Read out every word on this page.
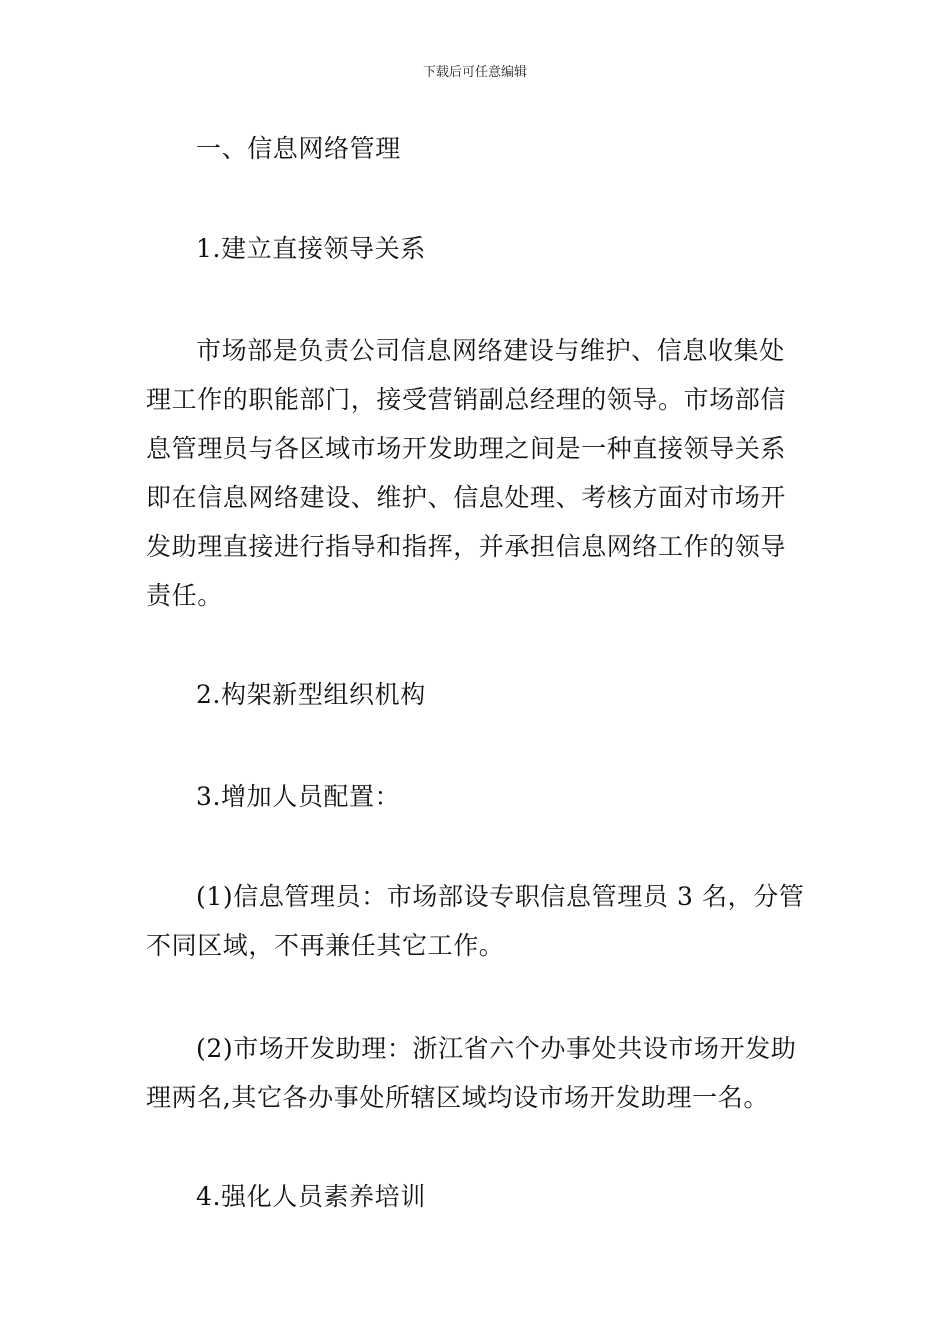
下载后可任意编辑
一、信息网络管理
1.建立直接领导关系

市场部是负责公司信息网络建设与维护、信息收集处理工作的职能部门，接受营销副总经理的领导。市场部信息管理员与各区域市场开发助理之间是一种直接领导关系即在信息网络建设、维护、信息处理、考核方面对市场开发助理直接进行指导和指挥，并承担信息网络工作的领导责任。

2.构架新型组织机构
3.增加人员配置：

(1)信息管理员：市场部设专职信息管理员 3 名，分管不同区域，不再兼任其它工作。

(2)市场开发助理：浙江省六个办事处共设市场开发助理两名,其它各办事处所辖区域均设市场开发助理一名。

4.强化人员素养培训
